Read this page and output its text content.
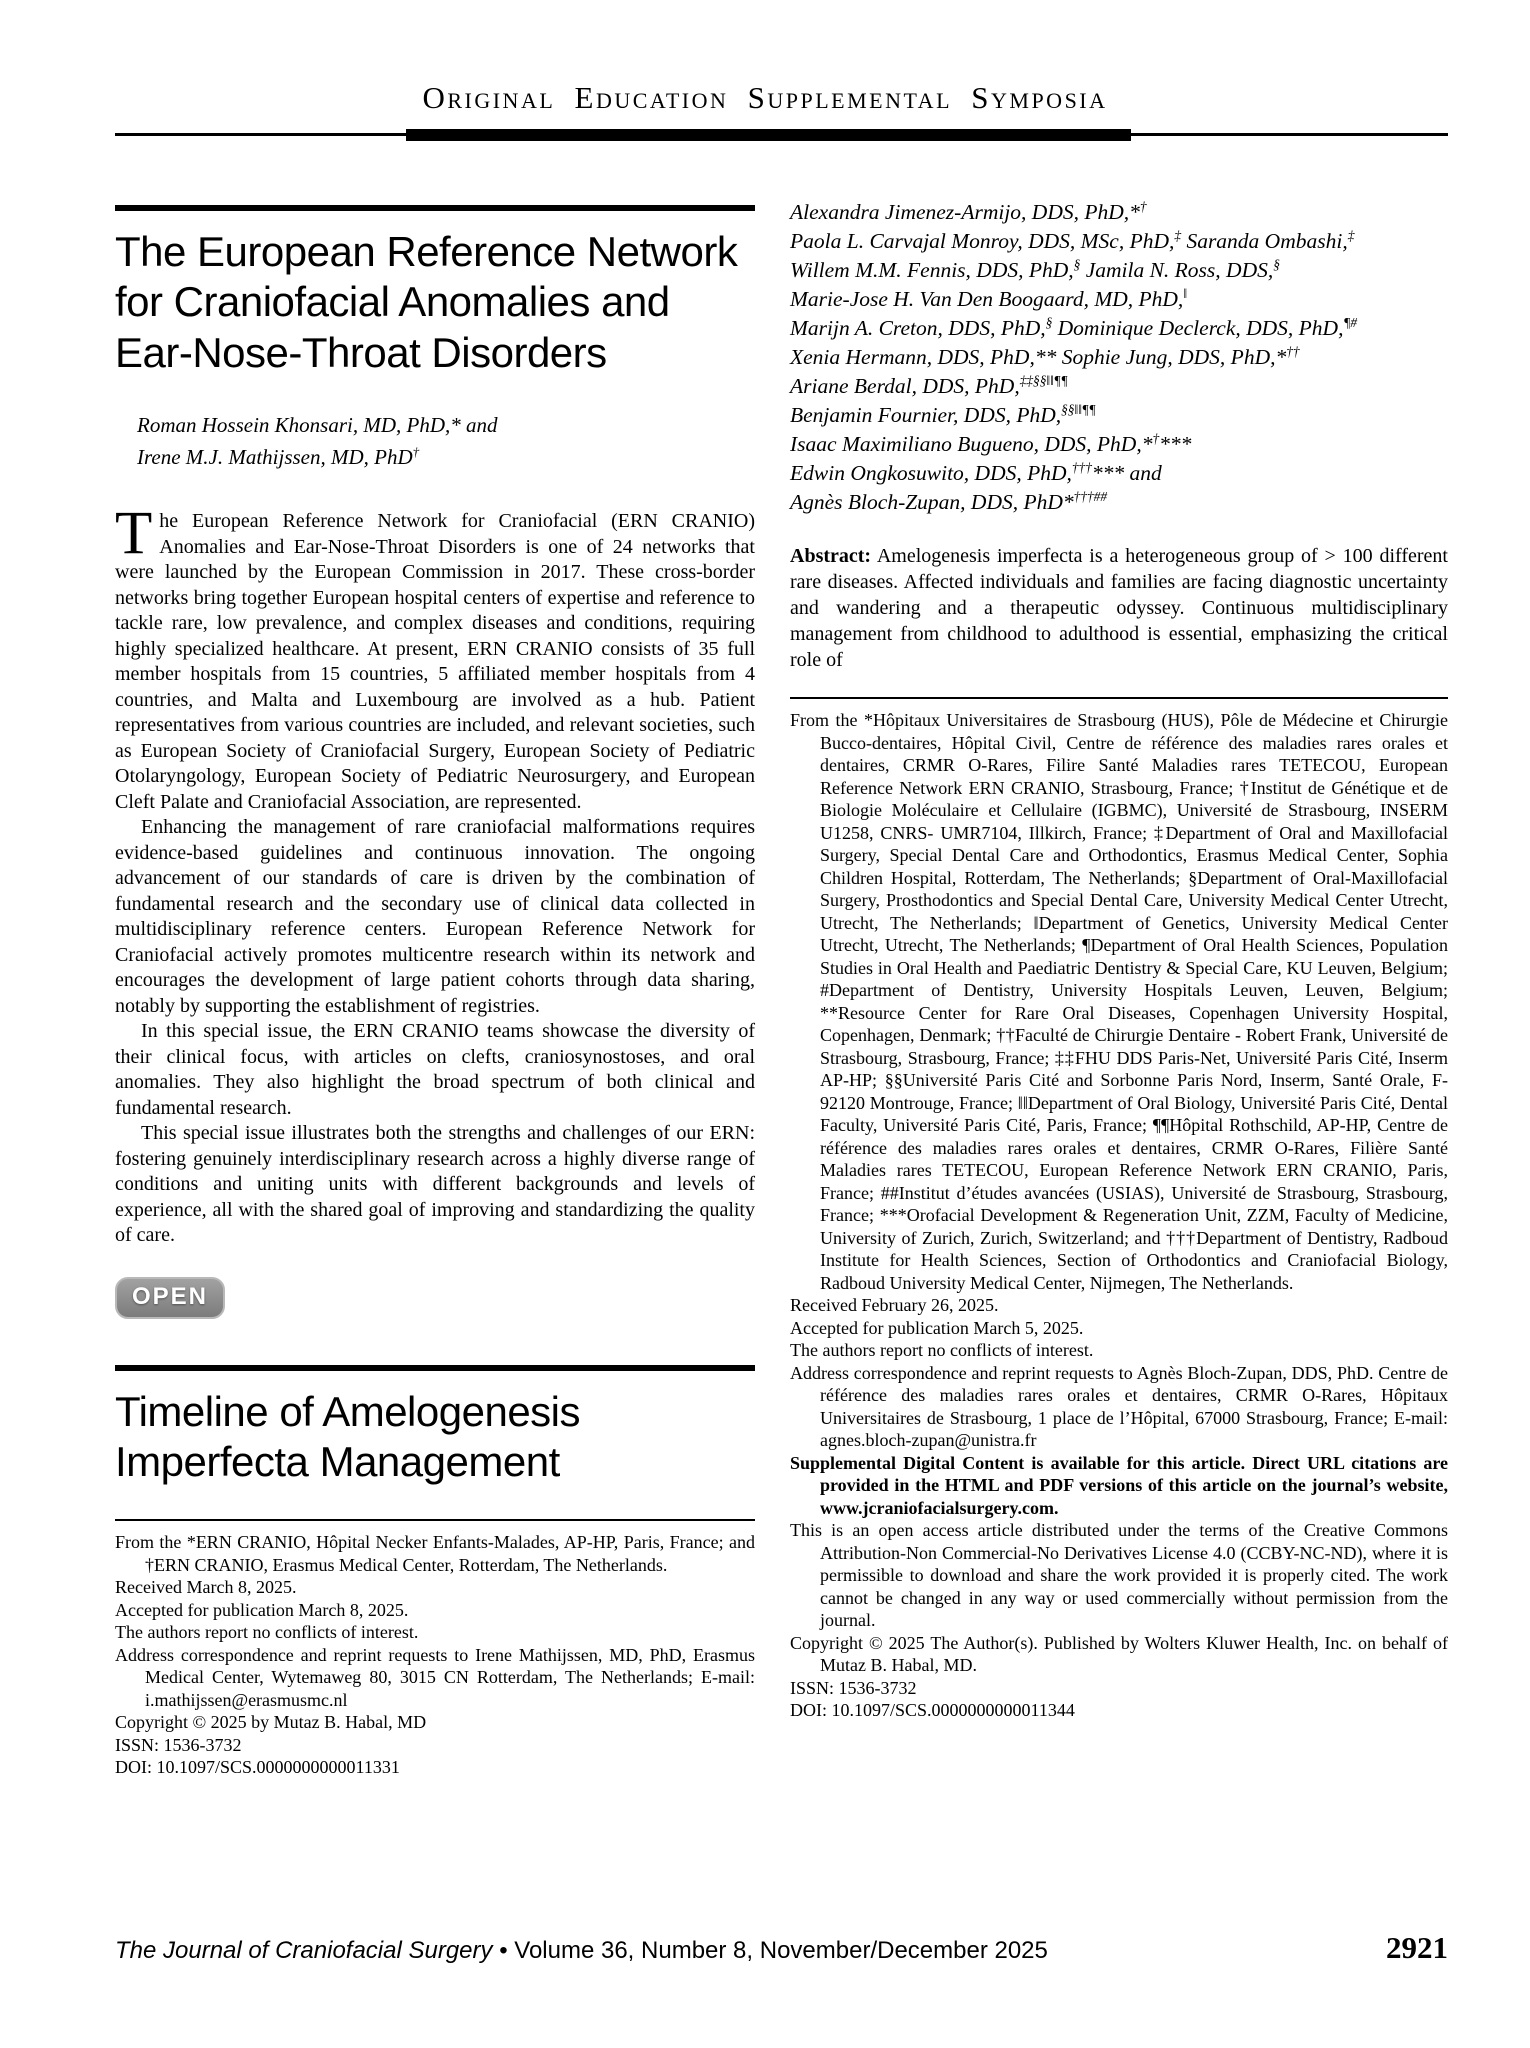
Original Education Supplemental Symposia
The European Reference Network for Craniofacial Anomalies and Ear-Nose-Throat Disorders
Roman Hossein Khonsari, MD, PhD,* and
Irene M.J. Mathijssen, MD, PhD†

The European Reference Network for Craniofacial (ERN CRANIO) Anomalies and Ear-Nose-Throat Disorders is one of 24 networks that were launched by the European Commission in 2017. These cross-border networks bring together European hospital centers of expertise and reference to tackle rare, low prevalence, and complex diseases and conditions, requiring highly specialized healthcare. At present, ERN CRANIO consists of 35 full member hospitals from 15 countries, 5 affiliated member hospitals from 4 countries, and Malta and Luxembourg are involved as a hub. Patient representatives from various countries are included, and relevant societies, such as European Society of Craniofacial Surgery, European Society of Pediatric Otolaryngology, European Society of Pediatric Neurosurgery, and European Cleft Palate and Craniofacial Association, are represented.

Enhancing the management of rare craniofacial malformations requires evidence-based guidelines and continuous innovation. The ongoing advancement of our standards of care is driven by the combination of fundamental research and the secondary use of clinical data collected in multidisciplinary reference centers. European Reference Network for Craniofacial actively promotes multicentre research within its network and encourages the development of large patient cohorts through data sharing, notably by supporting the establishment of registries.

In this special issue, the ERN CRANIO teams showcase the diversity of their clinical focus, with articles on clefts, craniosynostoses, and oral anomalies. They also highlight the broad spectrum of both clinical and fundamental research.

This special issue illustrates both the strengths and challenges of our ERN: fostering genuinely interdisciplinary research across a highly diverse range of conditions and uniting units with different backgrounds and levels of experience, all with the shared goal of improving and standardizing the quality of care.

OPEN
Timeline of Amelogenesis Imperfecta Management

From the *ERN CRANIO, Hôpital Necker Enfants-Malades, AP-HP, Paris, France; and †ERN CRANIO, Erasmus Medical Center, Rotterdam, The Netherlands.

Received March 8, 2025.

Accepted for publication March 8, 2025.

The authors report no conflicts of interest.

Address correspondence and reprint requests to Irene Mathijssen, MD, PhD, Erasmus Medical Center, Wytemaweg 80, 3015 CN Rotterdam, The Netherlands; E-mail: i.mathijssen@erasmusmc.nl

Copyright © 2025 by Mutaz B. Habal, MD

ISSN: 1536-3732

DOI: 10.1097/SCS.0000000000011331

Alexandra Jimenez-Armijo, DDS, PhD,*†
Paola L. Carvajal Monroy, DDS, MSc, PhD,‡ Saranda Ombashi,‡
Willem M.M. Fennis, DDS, PhD,§ Jamila N. Ross, DDS,§
Marie-Jose H. Van Den Boogaard, MD, PhD,‖
Marijn A. Creton, DDS, PhD,§ Dominique Declerck, DDS, PhD,¶#
Xenia Hermann, DDS, PhD,** Sophie Jung, DDS, PhD,*††
Ariane Berdal, DDS, PhD,‡‡§§‖‖¶¶
Benjamin Fournier, DDS, PhD,§§‖‖¶¶
Isaac Maximiliano Bugueno, DDS, PhD,*†***
Edwin Ongkosuwito, DDS, PhD,†††*** and
Agnès Bloch-Zupan, DDS, PhD*†††##

Abstract: Amelogenesis imperfecta is a heterogeneous group of > 100 different rare diseases. Affected individuals and families are facing diagnostic uncertainty and wandering and a therapeutic odyssey. Continuous multidisciplinary management from childhood to adulthood is essential, emphasizing the critical role of

From the *Hôpitaux Universitaires de Strasbourg (HUS), Pôle de Médecine et Chirurgie Bucco-dentaires, Hôpital Civil, Centre de référence des maladies rares orales et dentaires, CRMR O-Rares, Filire Santé Maladies rares TETECOU, European Reference Network ERN CRANIO, Strasbourg, France; †Institut de Génétique et de Biologie Moléculaire et Cellulaire (IGBMC), Université de Strasbourg, INSERM U1258, CNRS- UMR7104, Illkirch, France; ‡Department of Oral and Maxillofacial Surgery, Special Dental Care and Orthodontics, Erasmus Medical Center, Sophia Children Hospital, Rotterdam, The Netherlands; §Department of Oral-Maxillofacial Surgery, Prosthodontics and Special Dental Care, University Medical Center Utrecht, Utrecht, The Netherlands; ‖Department of Genetics, University Medical Center Utrecht, Utrecht, The Netherlands; ¶Department of Oral Health Sciences, Population Studies in Oral Health and Paediatric Dentistry & Special Care, KU Leuven, Belgium; #Department of Dentistry, University Hospitals Leuven, Leuven, Belgium; **Resource Center for Rare Oral Diseases, Copenhagen University Hospital, Copenhagen, Denmark; ††Faculté de Chirurgie Dentaire - Robert Frank, Université de Strasbourg, Strasbourg, France; ‡‡FHU DDS Paris-Net, Université Paris Cité, Inserm AP-HP; §§Université Paris Cité and Sorbonne Paris Nord, Inserm, Santé Orale, F-92120 Montrouge, France; ‖‖Department of Oral Biology, Université Paris Cité, Dental Faculty, Université Paris Cité, Paris, France; ¶¶Hôpital Rothschild, AP-HP, Centre de référence des maladies rares orales et dentaires, CRMR O-Rares, Filière Santé Maladies rares TETECOU, European Reference Network ERN CRANIO, Paris, France; ##Institut d’études avancées (USIAS), Université de Strasbourg, Strasbourg, France; ***Orofacial Development & Regeneration Unit, ZZM, Faculty of Medicine, University of Zurich, Zurich, Switzerland; and †††Department of Dentistry, Radboud Institute for Health Sciences, Section of Orthodontics and Craniofacial Biology, Radboud University Medical Center, Nijmegen, The Netherlands.

Received February 26, 2025.

Accepted for publication March 5, 2025.

The authors report no conflicts of interest.

Address correspondence and reprint requests to Agnès Bloch-Zupan, DDS, PhD. Centre de référence des maladies rares orales et dentaires, CRMR O-Rares, Hôpitaux Universitaires de Strasbourg, 1 place de l’Hôpital, 67000 Strasbourg, France; E-mail: agnes.bloch-zupan@unistra.fr

Supplemental Digital Content is available for this article. Direct URL citations are provided in the HTML and PDF versions of this article on the journal’s website, www.jcraniofacialsurgery.com.

This is an open access article distributed under the terms of the Creative Commons Attribution-Non Commercial-No Derivatives License 4.0 (CCBY-NC-ND), where it is permissible to download and share the work provided it is properly cited. The work cannot be changed in any way or used commercially without permission from the journal.

Copyright © 2025 The Author(s). Published by Wolters Kluwer Health, Inc. on behalf of Mutaz B. Habal, MD.

ISSN: 1536-3732

DOI: 10.1097/SCS.0000000000011344

The Journal of Craniofacial Surgery • Volume 36, Number 8, November/December 2025	2921
